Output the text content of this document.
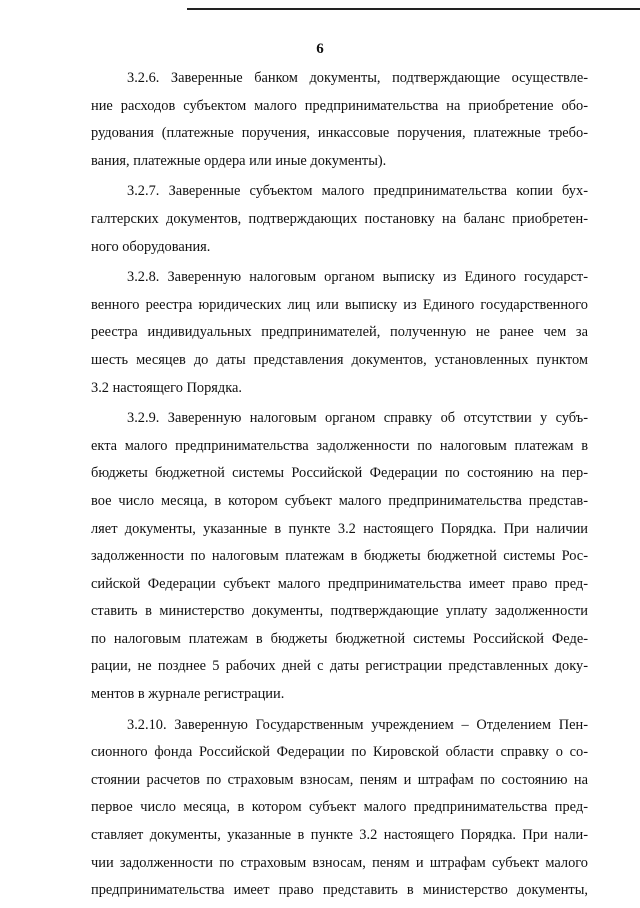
6
3.2.6. Заверенные банком документы, подтверждающие осуществле-
ние расходов субъектом малого предпринимательства на приобретение обо-
рудования (платежные поручения, инкассовые поручения, платежные требо-
вания, платежные ордера или иные документы).
3.2.7. Заверенные субъектом малого предпринимательства копии бух-
галтерских документов, подтверждающих постановку на баланс приобретен-
ного оборудования.
3.2.8. Заверенную налоговым органом выписку из Единого государст-
венного реестра юридических лиц или выписку из Единого государственного
реестра индивидуальных предпринимателей, полученную не ранее чем за
шесть месяцев до даты представления документов, установленных пунктом
3.2 настоящего Порядка.
3.2.9. Заверенную налоговым органом справку об отсутствии у субъ-
екта малого предпринимательства задолженности по налоговым платежам в
бюджеты бюджетной системы Российской Федерации по состоянию на пер-
вое число месяца, в котором субъект малого предпринимательства представ-
ляет документы, указанные в пункте 3.2 настоящего Порядка. При наличии
задолженности по налоговым платежам в бюджеты бюджетной системы Рос-
сийской Федерации субъект малого предпринимательства имеет право пред-
ставить в министерство документы, подтверждающие уплату задолженности
по налоговым платежам в бюджеты бюджетной системы Российской Феде-
рации, не позднее 5 рабочих дней с даты регистрации представленных доку-
ментов в журнале регистрации.
3.2.10. Заверенную Государственным учреждением – Отделением Пен-
сионного фонда Российской Федерации по Кировской области справку о со-
стоянии расчетов по страховым взносам, пеням и штрафам по состоянию на
первое число месяца, в котором субъект малого предпринимательства пред-
ставляет документы, указанные в пункте 3.2 настоящего Порядка. При нали-
чии задолженности по страховым взносам, пеням и штрафам субъект малого
предпринимательства имеет право представить в министерство документы,
